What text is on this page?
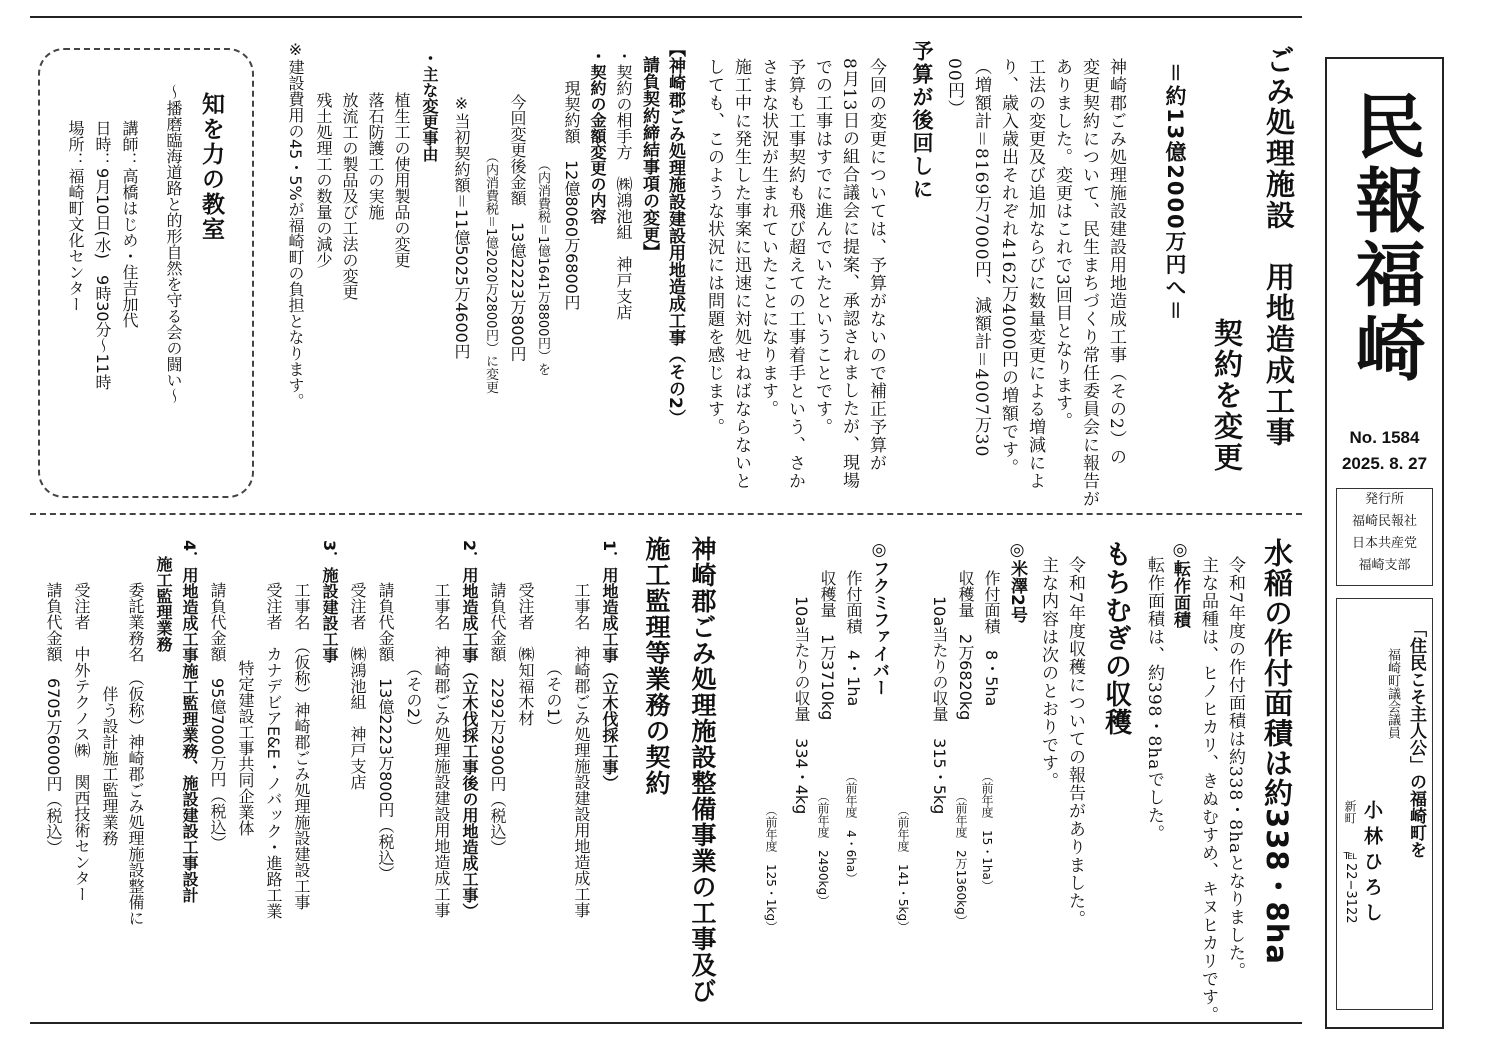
民報福崎
No. 1584
2025. 8. 27
発行所
福崎民報社
日本共産党
福崎支部
「住民こそ主人公」の福崎町を
福崎町議会議員
小 林 ひ ろ し
新町
℡22−3122
ごみ処理施設　用地造成工事
契約を変更
＝約13億2000万円へ＝
神崎郡ごみ処理施設建設用地造成工事（その2）の
変更契約について、民生まちづくり常任委員会に報告が
ありました。変更はこれで3回目となります。
工法の変更及び追加ならびに数量変更による増減によ
り、歳入歳出それぞれ4162万4000円の増額です。
（増額計＝8169万7000円、減額計＝4007万30
00円）
予算が後回しに
今回の変更については、予算がないので補正予算が
8月13日の組合議会に提案、承認されましたが、現場
での工事はすでに進んでいたということです。
予算も工事契約も飛び超えての工事着手という、さか
さまな状況が生まれていたことになります。
施工中に発生した事案に迅速に対処せねばならないと
しても、このような状況には問題を感じます。
【神崎郡ごみ処理施設建設用地造成工事（その2）
請負契約締結事項の変更】
・契約の相手方　㈱鴻池組　神戸支店
・契約の金額変更の内容
現契約額　12億8060万6800円
（内消費税＝1億1641万8800円）を
今回変更後金額　13億2223万800円
（内消費税＝1億2020万2800円）に変更
※当初契約額＝11億5025万4600円
・主な変更事由
植生工の使用製品の変更
落石防護工の実施
放流工の製品及び工法の変更
残土処理工の数量の減少
※建設費用の45・5%が福崎町の負担となります。
知を力の教室
～播磨臨海道路と的形自然を守る会の闘い～
講師：高橋はじめ・住吉加代
日時：9月10日(水)　9時30分～11時
場所：福崎町文化センター
水稲の作付面積は約338・8ha
令和7年度の作付面積は約338・8haとなりました。
主な品種は、ヒノヒカリ、きぬむすめ、キヌヒカリです。
◎転作面積
転作面積は、約398・8haでした。
もちむぎの収穫
令和7年度収穫についての報告がありました。
主な内容は次のとおりです。
◎米澤2号
作付面積　8・5ha
（前年度　15・1ha）
収穫量　2万6820kg
（前年度　2万1360kg）
10a当たりの収量　315・5kg
（前年度　141・5kg）
◎フクミファイバー
作付面積　4・1ha
（前年度　4・6ha）
収穫量　1万3710kg
（前年度　2490kg）
10a当たりの収量　334・4kg
（前年度　125・1kg）
神崎郡ごみ処理施設整備事業の工事及び
施工監理等業務の契約
1．用地造成工事（立木伐採工事）
工事名　神崎郡ごみ処理施設建設用地造成工事
（その1）
受注者　㈱知福木材
請負代金額　2292万2900円（税込）
2．用地造成工事（立木伐採工事後の用地造成工事）
工事名　神崎郡ごみ処理施設建設用地造成工事
（その2）
請負代金額　13億2223万800円（税込）
受注者　㈱鴻池組　神戸支店
3．施設建設工事
工事名　（仮称）神崎郡ごみ処理施設建設工事
受注者　カナデビアE&E・ノバック・進路工業
特定建設工事共同企業体
請負代金額　95億7000万円（税込）
4．用地造成工事施工監理業務、施設建設工事設計
施工監理業務
委託業務名　（仮称）神崎郡ごみ処理施設整備に
伴う設計施工監理業務
受注者　中外テクノス㈱　関西技術センター
請負代金額　6705万6000円（税込）
